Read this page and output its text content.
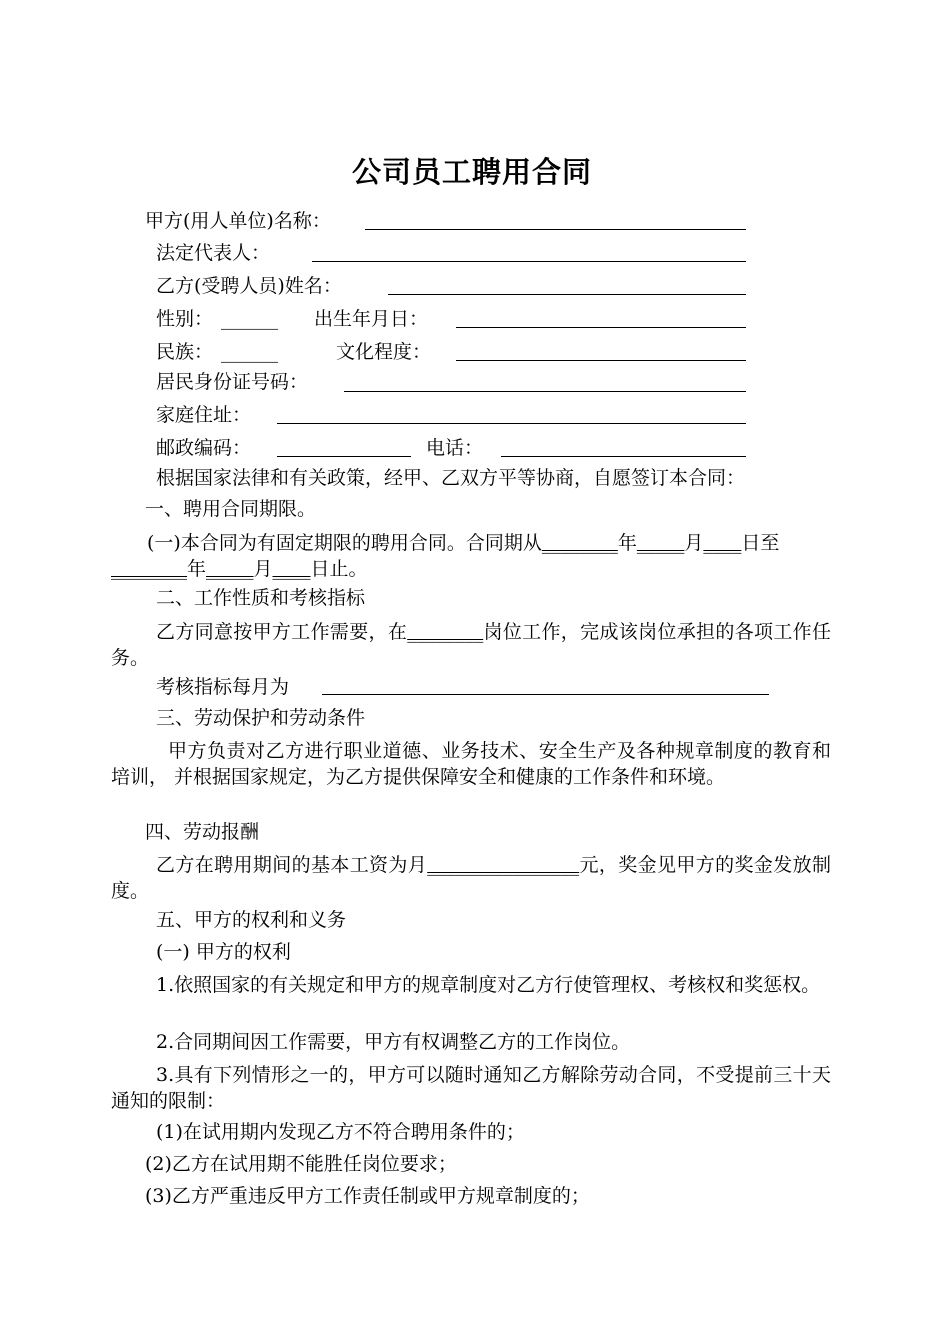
公司员工聘用合同
甲方(用人单位)名称：
法定代表人：
乙方(受聘人员)姓名：
性别： ______ 出生年月日：
民族： ______	文化程度：
居民身份证号码：
家庭住址：
邮政编码：	电话：
根据国家法律和有关政策，经甲、乙双方平等协商，自愿签订本合同：
一、聘用合同期限。
(一)本合同为有固定期限的聘用合同。合同期从________年_____月____日至________年_____月____日止。
二、工作性质和考核指标
乙方同意按甲方工作需要，在________岗位工作，完成该岗位承担的各项工作任务。
考核指标每月为
三、劳动保护和劳动条件
甲方负责对乙方进行职业道德、业务技术、安全生产及各种规章制度的教育和培训， 并根据国家规定，为乙方提供保障安全和健康的工作条件和环境。
四、劳动报酬
乙方在聘用期间的基本工资为月________________元，奖金见甲方的奖金发放制度。
五、甲方的权利和义务
(一) 甲方的权利
1.依照国家的有关规定和甲方的规章制度对乙方行使管理权、考核权和奖惩权。
2.合同期间因工作需要，甲方有权调整乙方的工作岗位。
3.具有下列情形之一的，甲方可以随时通知乙方解除劳动合同，不受提前三十天通知的限制：
(1)在试用期内发现乙方不符合聘用条件的；
(2)乙方在试用期不能胜任岗位要求；
(3)乙方严重违反甲方工作责任制或甲方规章制度的；
